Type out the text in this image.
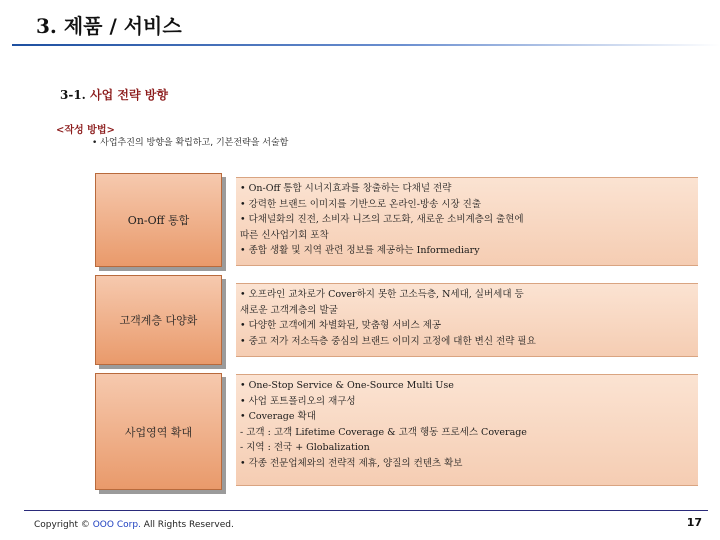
3. 제품 / 서비스
3-1. 사업 전략 방향
<작성 방법>
• 사업추진의 방향을 확립하고, 기본전략을 서술함
On-Off 통합
• On-Off 통합 시너지효과를 창출하는 다채널 전략
• 강력한 브랜드 이미지를 기반으로 온라인-방송 시장 진출
• 다채널화의 진전, 소비자 니즈의 고도화, 새로운 소비계층의 출현에
따른 신사업기회 포착
• 종합 생활 및 지역 관련 정보를 제공하는 Informediary
고객계층 다양화
• 오프라인 교차로가 Cover하지 못한 고소득층, N세대, 실버세대 등
새로운 고객계층의 발굴
• 다양한 고객에게 차별화된, 맞춤형 서비스 제공
• 중고 저가 저소득층 중심의 브랜드 이미지 고정에 대한 변신 전략 필요
사업영역 확대
• One-Stop Service & One-Source Multi Use
• 사업 포트폴리오의 재구성
• Coverage 확대
- 고객 : 고객 Lifetime Coverage & 고객 행동 프로세스 Coverage
- 지역 : 전국 + Globalization
• 각종 전문업체와의 전략적 제휴, 양질의 컨텐츠 확보
Copyright © OOO Corp. All Rights Reserved.	17
